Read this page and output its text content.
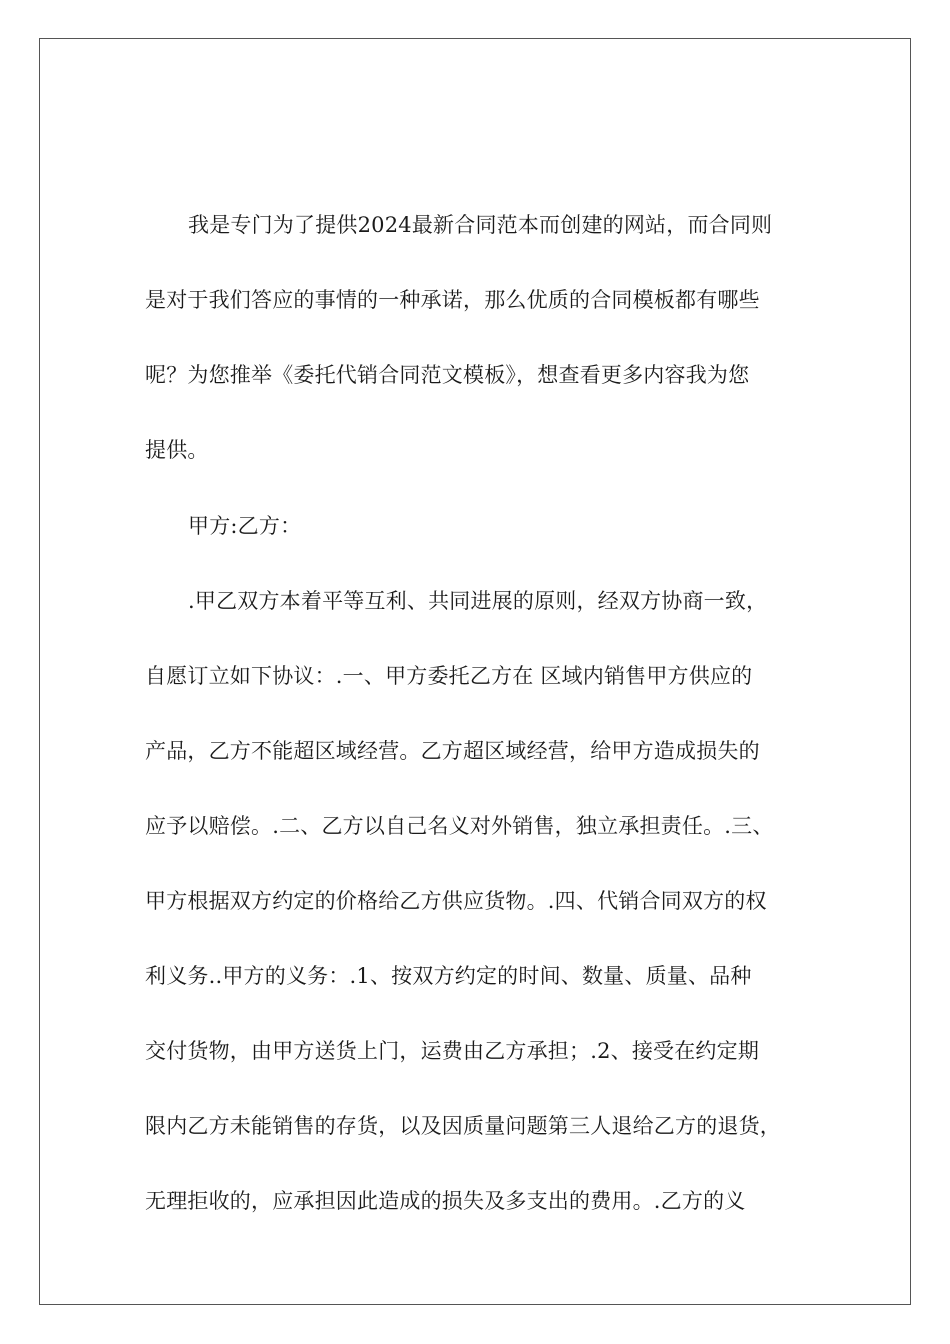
我是专门为了提供2024最新合同范本而创建的网站，而合同则
是对于我们答应的事情的一种承诺，那么优质的合同模板都有哪些
呢？为您推举《委托代销合同范文模板》，想查看更多内容我为您
提供。
甲方:乙方：
.甲乙双方本着平等互利、共同进展的原则，经双方协商一致，
自愿订立如下协议：.一、甲方委托乙方在 区域内销售甲方供应的
产品，乙方不能超区域经营。乙方超区域经营，给甲方造成损失的
应予以赔偿。.二、乙方以自己名义对外销售，独立承担责任。.三、
甲方根据双方约定的价格给乙方供应货物。.四、代销合同双方的权
利义务..甲方的义务：.1、按双方约定的时间、数量、质量、品种
交付货物，由甲方送货上门，运费由乙方承担；.2、接受在约定期
限内乙方未能销售的存货，以及因质量问题第三人退给乙方的退货，
无理拒收的，应承担因此造成的损失及多支出的费用。.乙方的义
